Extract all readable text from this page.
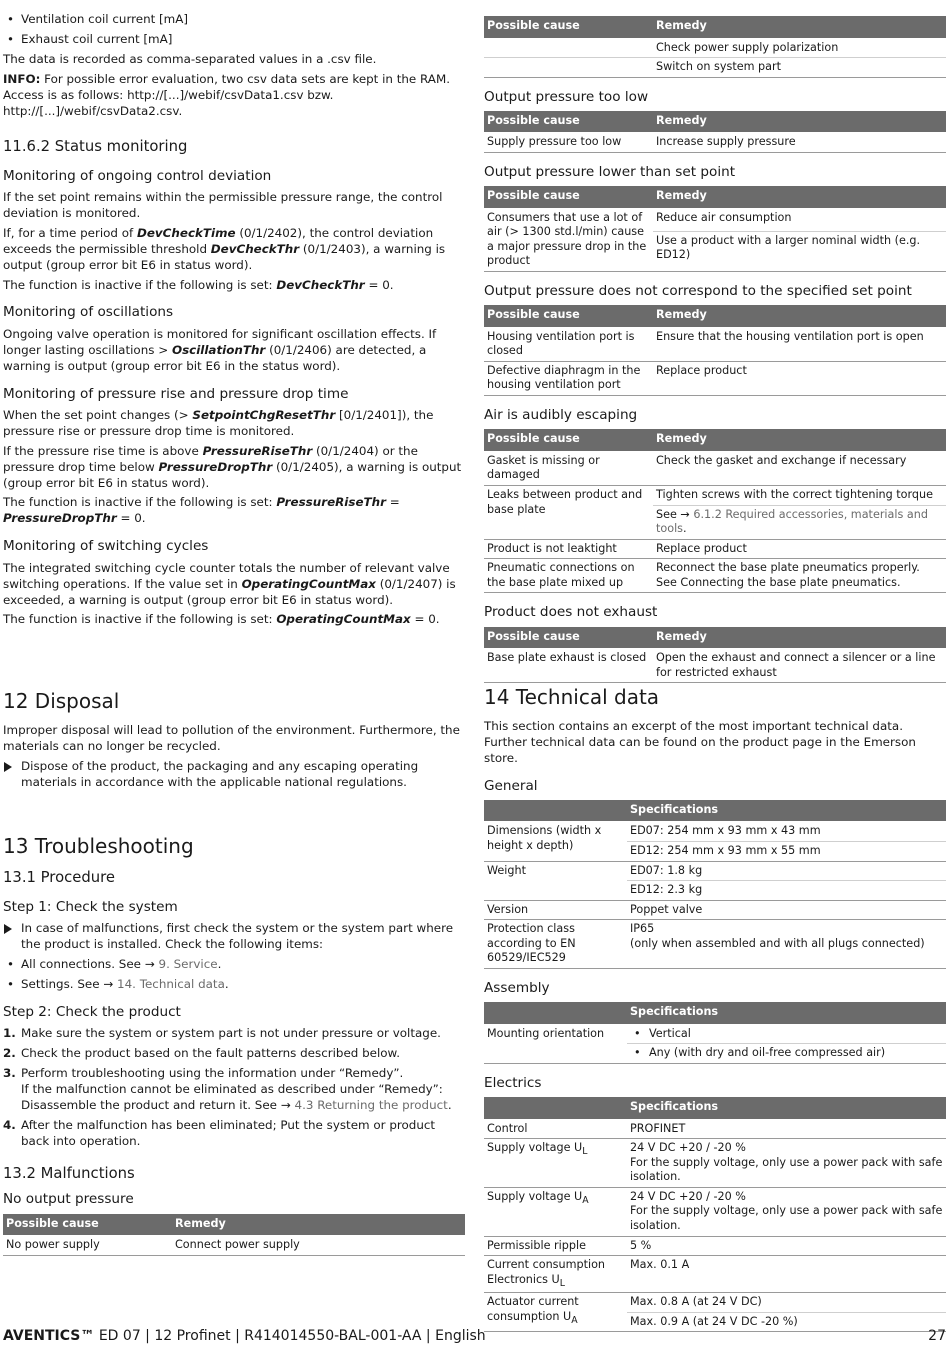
• Ventilation coil current [mA]
• Exhaust coil current [mA]

The data is recorded as comma-separated values in a .csv file.

INFO: For possible error evaluation, two csv data sets are kept in the RAM. Access is as follows: http://[...]/webif/csvData1.csv bzw. http://[...]/webif/csvData2.csv.

11.6.2 Status monitoring
Monitoring of ongoing control deviation

If the set point remains within the permissible pressure range, the control deviation is monitored.

If, for a time period of DevCheckTime (0/1/2402), the control deviation exceeds the permissible threshold DevCheckThr (0/1/2403), a warning is output (group error bit E6 in status word).

The function is inactive if the following is set: DevCheckThr = 0.

Monitoring of oscillations

Ongoing valve operation is monitored for significant oscillation effects. If longer lasting oscillations > OscillationThr (0/1/2406) are detected, a warning is output (group error bit E6 in the status word).

Monitoring of pressure rise and pressure drop time

When the set point changes (> SetpointChgResetThr [0/1/2401]), the pressure rise or pressure drop time is monitored.

If the pressure rise time is above PressureRiseThr (0/1/2404) or the pressure drop time below PressureDropThr (0/1/2405), a warning is output (group error bit E6 in status word).

The function is inactive if the following is set: PressureRiseThr = PressureDropThr = 0.

Monitoring of switching cycles

The integrated switching cycle counter totals the number of relevant valve switching operations. If the value set in OperatingCountMax (0/1/2407) is exceeded, a warning is output (group error bit E6 in status word).

The function is inactive if the following is set: OperatingCountMax = 0.

12 Disposal

Improper disposal will lead to pollution of the environment. Furthermore, the materials can no longer be recycled.

Dispose of the product, the packaging and any escaping operating materials in accordance with the applicable national regulations.
13 Troubleshooting
13.1 Procedure
Step 1: Check the system
In case of malfunctions, first check the system or the system part where the product is installed. Check the following items:
• All connections. See → 9. Service.
• Settings. See → 14. Technical data.
Step 2: Check the product
1. Make sure the system or system part is not under pressure or voltage.
2. Check the product based on the fault patterns described below.
3. Perform troubleshooting using the information under “Remedy”.
If the malfunction cannot be eliminated as described under “Remedy”: Disassemble the product and return it. See → 4.3 Returning the product.
4. After the malfunction has been eliminated; Put the system or product back into operation.
13.2 Malfunctions
No output pressure
Possible cause	Remedy
No power supply	Connect power supply
Possible cause	Remedy
	Check power supply polarization
	Switch on system part
Output pressure too low
Possible cause	Remedy
Supply pressure too low	Increase supply pressure
Output pressure lower than set point
Possible cause	Remedy
Consumers that use a lot of air (> 1300 std.l/min) cause a major pressure drop in the product	Reduce air consumption
	Use a product with a larger nominal width (e.g. ED12)
Output pressure does not correspond to the specified set point
Possible cause	Remedy
Housing ventilation port is closed	Ensure that the housing ventilation port is open
Defective diaphragm in the housing ventilation port	Replace product
Air is audibly escaping
Possible cause	Remedy
Gasket is missing or damaged	Check the gasket and exchange if necessary
Leaks between product and base plate	Tighten screws with the correct tightening torque
	See → 6.1.2 Required accessories, materials and tools.
Product is not leaktight	Replace product
Pneumatic connections on the base plate mixed up	Reconnect the base plate pneumatics properly. See Connecting the base plate pneumatics.
Product does not exhaust
Possible cause	Remedy
Base plate exhaust is closed	Open the exhaust and connect a silencer or a line for restricted exhaust
14 Technical data

This section contains an excerpt of the most important technical data. Further technical data can be found on the product page in the Emerson store.

General
	Specifications
Dimensions (width x height x depth)	ED07: 254 mm x 93 mm x 43 mm
	ED12: 254 mm x 93 mm x 55 mm
Weight	ED07: 1.8 kg
	ED12: 2.3 kg
Version	Poppet valve
Protection class according to EN 60529/IEC529	IP65
(only when assembled and with all plugs connected)
Assembly
	Specifications
Mounting orientation	• Vertical

	• Any (with dry and oil-free compressed air)
Electrics
	Specifications
Control	PROFINET
Supply voltage $U_L$	24 V DC +20 / -20 %
For the supply voltage, only use a power pack with safe isolation.
Supply voltage $U_A$	24 V DC +20 / -20 %
For the supply voltage, only use a power pack with safe isolation.
Permissible ripple	5 %
Current consumption Electronics $U_L$	Max. 0.1 A
Actuator current consumption $U_A$	Max. 0.8 A (at 24 V DC)
	Max. 0.9 A (at 24 V DC -20 %)
AVENTICS™ ED 07 | 12 Profinet | R414014550-BAL-001-AA | English	27
